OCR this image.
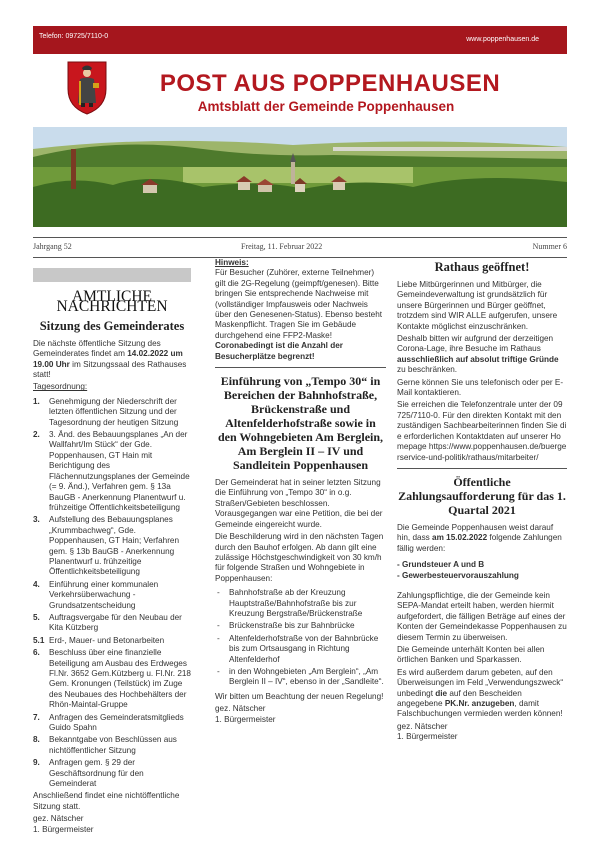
Telefon: 09725/7110-0	www.poppenhausen.de
POST AUS POPPENHAUSEN
Amtsblatt der Gemeinde Poppenhausen
Jahrgang 52	Freitag, 11. Februar 2022	Nummer 6
AMTLICHE NACHRICHTEN
Sitzung des Gemeinderates

Die nächste öffentliche Sitzung des Gemeinderates findet am 14.02.2022 um 19.00 Uhr im Sitzungssaal des Rathauses statt!

Tagesordnung:

1. Genehmigung der Niederschrift der letzten öffentlichen Sitzung und der Tagesordnung der heutigen Sitzung
2. 3. Änd. des Bebauungsplanes „An der Wallfahrt/Im Stück“ der Gde. Poppenhausen, GT Hain mit Berichtigung des Flächennutzungsplanes der Gemeinde (= 9. Änd.), Verfahren gem. § 13a BauGB - Anerkennung Planentwurf u. frühzeitige Öffentlichkeitsbeteiligung
3. Aufstellung des Bebauungsplanes „Krummbachweg“, Gde. Poppenhausen, GT Hain; Verfahren gem. § 13b BauGB - Anerkennung Planentwurf u. frühzeitige Öffentlichkeitsbeteiligung
4. Einführung einer kommunalen Verkehrsüberwachung - Grundsatzentscheidung
5. Auftragsvergabe für den Neubau der Kita Kützberg
5.1 Erd-, Mauer- und Betonarbeiten
6. Beschluss über eine finanzielle Beteiligung am Ausbau des Erdweges Fl.Nr. 3652 Gem.Kützberg u. Fl.Nr. 218 Gem. Kronungen (Teilstück) im Zuge des Neubaues des Hochbehälters der Rhön-Maintal-Gruppe
7. Anfragen des Gemeinderatsmitglieds Guido Spahn
8. Bekanntgabe von Beschlüssen aus nichtöffentlicher Sitzung
9. Anfragen gem. § 29 der Geschäftsordnung für den Gemeinderat

Anschließend findet eine nichtöffentliche Sitzung statt.

gez. Nätscher
1. Bürgermeister

Hinweis:

Für Besucher (Zuhörer, externe Teilnehmer) gilt die 2G-Regelung (geimpft/genesen). Bitte bringen Sie entsprechende Nachweise mit (vollständiger Impfausweis oder Nachweis über den Genesenen-Status). Ebenso besteht Maskenpflicht. Tragen Sie im Gebäude durchgehend eine FFP2-Maske!

Coronabedingt ist die Anzahl der Besucherplätze begrenzt!

Einführung von „Tempo 30“ in Bereichen der Bahnhofstraße, Brückenstraße und Altenfelderhofstraße sowie in den Wohngebieten Am Berglein, Am Berglein II – IV und Sandleitein Poppenhausen

Der Gemeinderat hat in seiner letzten Sitzung die Einführung von „Tempo 30“ in o.g. Straßen/Gebieten beschlossen. Vorausgegangen war eine Petition, die bei der Gemeinde eingereicht wurde.

Die Beschilderung wird in den nächsten Tagen durch den Bauhof erfolgen. Ab dann gilt eine zulässige Höchstgeschwindigkeit von 30 km/h für folgende Straßen und Wohngebiete in Poppenhausen:

- Bahnhofstraße ab der Kreuzung Hauptstraße/Bahnhofstraße bis zur Kreuzung Bergstraße/Brückenstraße
- Brückenstraße bis zur Bahnbrücke
- Altenfelderhofstraße von der Bahnbrücke bis zum Ortsausgang in Richtung Altenfelderhof
- in den Wohngebieten „Am Berglein“, „Am Berglein II – IV“, ebenso in der „Sandleite“.

Wir bitten um Beachtung der neuen Regelung!

gez. Nätscher
1. Bürgermeister
Rathaus geöffnet!

Liebe Mitbürgerinnen und Mitbürger, die Gemeindeverwaltung ist grundsätzlich für unsere Bürgerinnen und Bürger geöffnet, trotzdem sind WIR ALLE aufgerufen, unsere Kontakte möglichst einzuschränken.

Deshalb bitten wir aufgrund der derzeitigen Corona-Lage, ihre Besuche im Rathaus ausschließlich auf absolut triftige Gründe zu beschränken.

Gerne können Sie uns telefonisch oder per E-Mail kontaktieren.

Sie erreichen die Telefonzentrale unter der 09725/7110-0. Für den direkten Kontakt mit den zuständigen Sachbearbeiterinnen finden Sie die erforderlichen Kontaktdaten auf unserer Homepage https://www.poppenhausen.de/buergerservice-und-politik/rathaus/mitarbeiter/

Öffentliche Zahlungsaufforderung für das 1. Quartal 2021

Die Gemeinde Poppenhausen weist darauf hin, dass am 15.02.2022 folgende Zahlungen fällig werden:

- Grundsteuer A und B
- Gewerbesteuervorauszahlung

Zahlungspflichtige, die der Gemeinde kein SEPA-Mandat erteilt haben, werden hiermit aufgefordert, die fälligen Beträge auf eines der Konten der Gemeindekasse Poppenhausen zu diesem Termin zu überweisen.

Die Gemeinde unterhält Konten bei allen örtlichen Banken und Sparkassen.

Es wird außerdem darum gebeten, auf den Überweisungen im Feld „Verwendungszweck“ unbedingt die auf den Bescheiden angegebene PK.Nr. anzugeben, damit Falschbuchungen vermieden werden können!

gez. Nätscher
1. Bürgermeister
